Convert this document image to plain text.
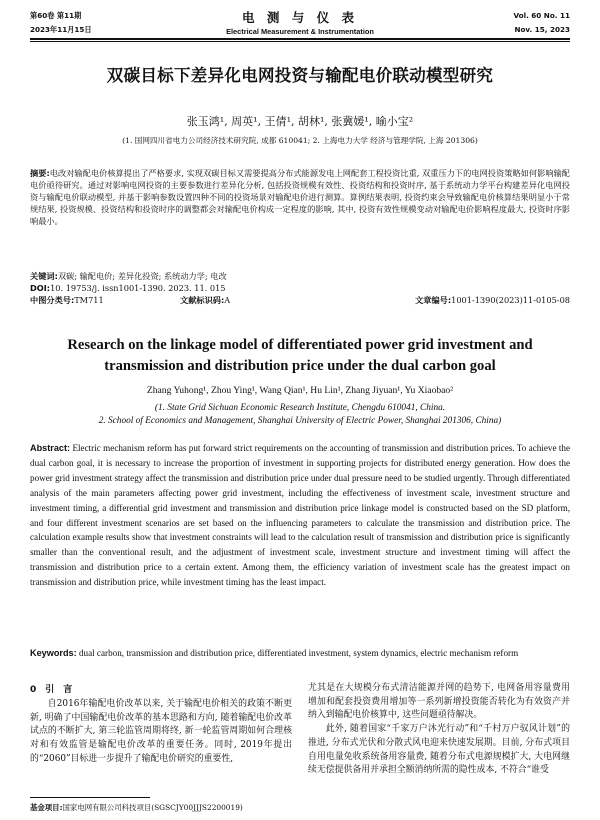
第60卷 第11期
2023年11月15日
电 测 与 仪 表
Electrical Measurement & Instrumentation
Vol. 60 No. 11
Nov. 15, 2023
双碳目标下差异化电网投资与输配电价联动模型研究
张玉鸿¹, 周英¹, 王倩¹, 胡林¹, 张冀媛¹, 喻小宝²
(1. 国网四川省电力公司经济技术研究院, 成都 610041; 2. 上海电力大学 经济与管理学院, 上海 201306)
摘要:电改对输配电价核算提出了严格要求, 实现双碳目标又需要提高分布式能源发电上网配套工程投资比重, 双重压力下的电网投资策略如何影响输配电价亟待研究。通过对影响电网投资的主要参数进行差异化分析, 包括投资规模有效性、投资结构和投资时序, 基于系统动力学平台构建差异化电网投资与输配电价联动模型, 并基于影响参数设置四种不同的投资场景对输配电价进行测算。算例结果表明, 投资约束会导致输配电价核算结果明显小于常规结果, 投资规模、投资结构和投资时序的调整都会对输配电价构成一定程度的影响, 其中, 投资有效性规模变动对输配电价影响程度最大, 投资时序影响最小。
关键词:双碳; 输配电价; 差异化投资; 系统动力学; 电改
DOI:10. 19753/j. issn1001-1390. 2023. 11. 015
中图分类号:TM711	文献标识码:A	文章编号:1001-1390(2023)11-0105-08
Research on the linkage model of differentiated power grid investment and
transmission and distribution price under the dual carbon goal
Zhang Yuhong¹, Zhou Ying¹, Wang Qian¹, Hu Lin¹, Zhang Jiyuan¹, Yu Xiaobao²
(1. State Grid Sichuan Economic Research Institute, Chengdu 610041, China.
2. School of Economics and Management, Shanghai University of Electric Power, Shanghai 201306, China)
Abstract: Electric mechanism reform has put forward strict requirements on the accounting of transmission and distribution prices. To achieve the dual carbon goal, it is necessary to increase the proportion of investment in supporting projects for distributed energy generation. How does the power grid investment strategy affect the transmission and distribution price under dual pressure need to be studied urgently. Through differentiated analysis of the main parameters affecting power grid investment, including the effectiveness of investment scale, investment structure and investment timing, a differential grid investment and transmission and distribution price linkage model is constructed based on the SD platform, and four different investment scenarios are set based on the influencing parameters to calculate the transmission and distribution price. The calculation example results show that investment constraints will lead to the calculation result of transmission and distribution price is significantly smaller than the conventional result, and the adjustment of investment scale, investment structure and investment timing will affect the transmission and distribution price to a certain extent. Among them, the efficiency variation of investment scale has the greatest impact on transmission and distribution price, while investment timing has the least impact.
Keywords: dual carbon, transmission and distribution price, differentiated investment, system dynamics, electric mechanism reform
0　引　言
自2016年输配电价改革以来, 关于输配电价相关的政策不断更新, 明确了中国输配电价改革的基本思路和方向, 随着输配电价改革试点的不断扩大, 第三轮监管周期将终, 新一轮监管周期如何合理核对和有效监管是输配电价改革的重要任务。同时, 2019年提出的“2060”目标进一步提升了输配电价研究的重要性,
尤其是在大规模分布式清洁能源并网的趋势下, 电网备用容量费用增加和配套投资费用增加等一系列新增投资能否转化为有效资产并纳入到输配电价核算中, 这些问题亟待解决。
此外, 随着国家“千家万户沐光行动”和“千村万户驭风计划”的推进, 分布式光伏和分散式风电迎来快速发展期。目前, 分布式项目自用电量免收系统备用容量费, 随着分布式电源规模扩大, 大电网继续无偿提供备用并承担全额消纳所需的隐性成本, 不符合“谁受
基金项目:国家电网有限公司科技项目(SGSCJY00JJJS2200019)
